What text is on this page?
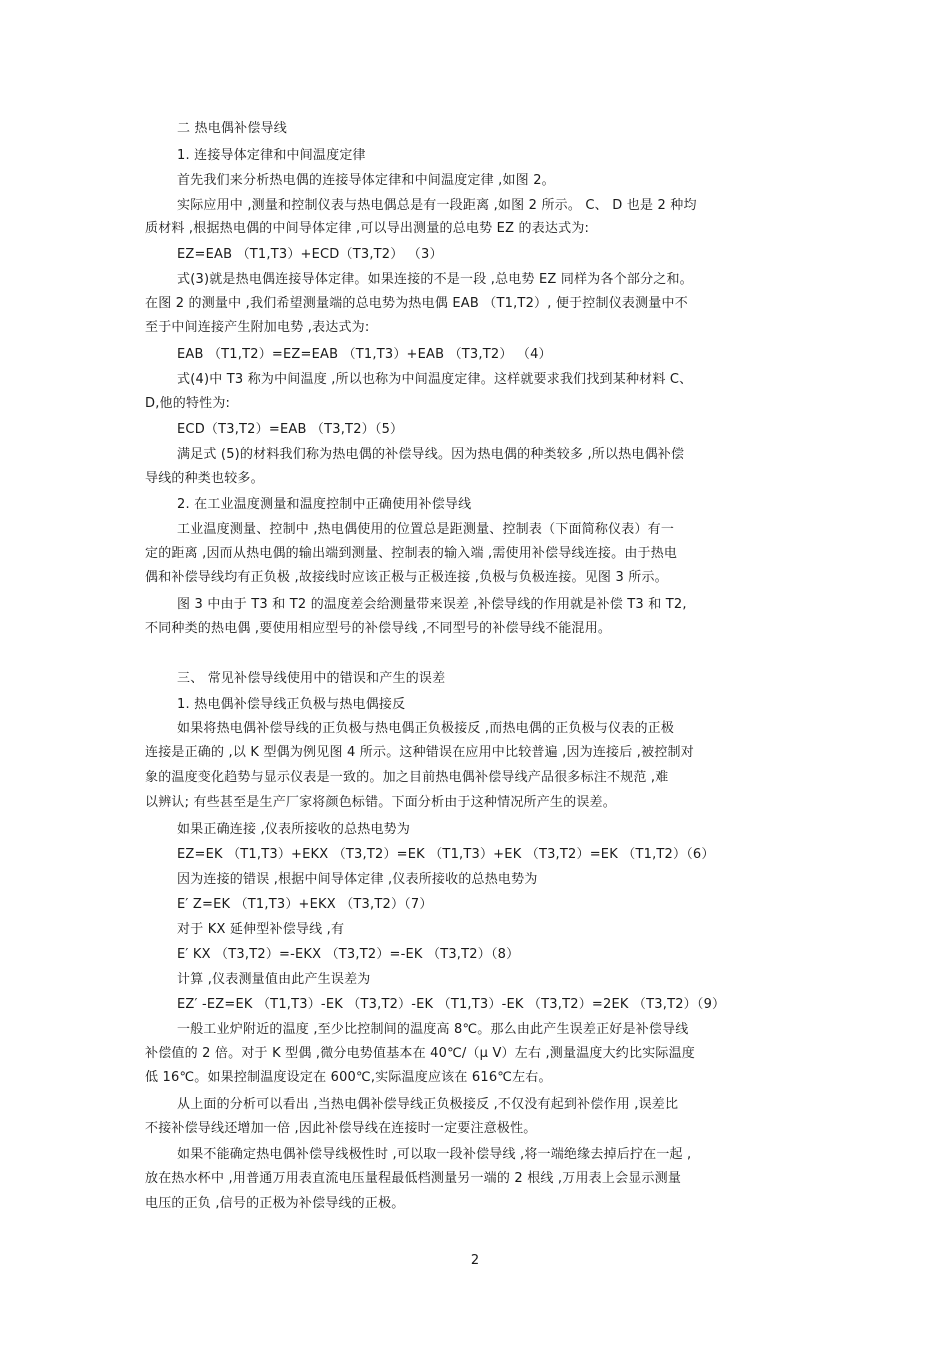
二 热电偶补偿导线

1. 连接导体定律和中间温度定律

首先我们来分析热电偶的连接导体定律和中间温度定律 ,如图 2。

实际应用中 ,测量和控制仪表与热电偶总是有一段距离 ,如图 2 所示。 C、 D 也是 2 种均

质材料 ,根据热电偶的中间导体定律 ,可以导出测量的总电势 EZ 的表达式为:

EZ=EAB （T1,T3）+ECD（T3,T2） （3）

式(3)就是热电偶连接导体定律。如果连接的不是一段 ,总电势 EZ 同样为各个部分之和。

在图 2 的测量中 ,我们希望测量端的总电势为热电偶 EAB （T1,T2）, 便于控制仪表测量中不

至于中间连接产生附加电势 ,表达式为:

EAB （T1,T2）=EZ=EAB （T1,T3）+EAB （T3,T2） （4）

式(4)中 T3 称为中间温度 ,所以也称为中间温度定律。这样就要求我们找到某种材料 C、

D,他的特性为:

ECD（T3,T2）=EAB （T3,T2）（5）

满足式 (5)的材料我们称为热电偶的补偿导线。因为热电偶的种类较多 ,所以热电偶补偿

导线的种类也较多。

2. 在工业温度测量和温度控制中正确使用补偿导线

工业温度测量、控制中 ,热电偶使用的位置总是距测量、控制表（下面简称仪表）有一

定的距离 ,因而从热电偶的输出端到测量、控制表的输入端 ,需使用补偿导线连接。由于热电

偶和补偿导线均有正负极 ,故接线时应该正极与正极连接 ,负极与负极连接。见图 3 所示。

图 3 中由于 T3 和 T2 的温度差会给测量带来误差 ,补偿导线的作用就是补偿 T3 和 T2,

不同种类的热电偶 ,要使用相应型号的补偿导线 ,不同型号的补偿导线不能混用。

三、 常见补偿导线使用中的错误和产生的误差

1. 热电偶补偿导线正负极与热电偶接反

如果将热电偶补偿导线的正负极与热电偶正负极接反 ,而热电偶的正负极与仪表的正极

连接是正确的 ,以 K 型偶为例见图 4 所示。这种错误在应用中比较普遍 ,因为连接后 ,被控制对

象的温度变化趋势与显示仪表是一致的。加之目前热电偶补偿导线产品很多标注不规范 ,难

以辨认; 有些甚至是生产厂家将颜色标错。下面分析由于这种情况所产生的误差。

如果正确连接 ,仪表所接收的总热电势为

EZ=EK （T1,T3）+EKX （T3,T2）=EK （T1,T3）+EK （T3,T2）=EK （T1,T2）（6）

因为连接的错误 ,根据中间导体定律 ,仪表所接收的总热电势为

E′ Z=EK （T1,T3）+EKX （T3,T2）（7）

对于 KX 延伸型补偿导线 ,有

E′ KX （T3,T2）=-EKX （T3,T2）=-EK （T3,T2）（8）

计算 ,仪表测量值由此产生误差为

EZ′ -EZ=EK （T1,T3）-EK （T3,T2）-EK （T1,T3）-EK （T3,T2）=2EK （T3,T2）（9）

一般工业炉附近的温度 ,至少比控制间的温度高 8℃。那么由此产生误差正好是补偿导线

补偿值的 2 倍。对于 K 型偶 ,微分电势值基本在 40℃/（μ V）左右 ,测量温度大约比实际温度

低 16℃。如果控制温度设定在 600℃,实际温度应该在 616℃左右。

从上面的分析可以看出 ,当热电偶补偿导线正负极接反 ,不仅没有起到补偿作用 ,误差比

不接补偿导线还增加一倍 ,因此补偿导线在连接时一定要注意极性。

如果不能确定热电偶补偿导线极性时 ,可以取一段补偿导线 ,将一端绝缘去掉后拧在一起 ,

放在热水杯中 ,用普通万用表直流电压量程最低档测量另一端的 2 根线 ,万用表上会显示测量

电压的正负 ,信号的正极为补偿导线的正极。

2
